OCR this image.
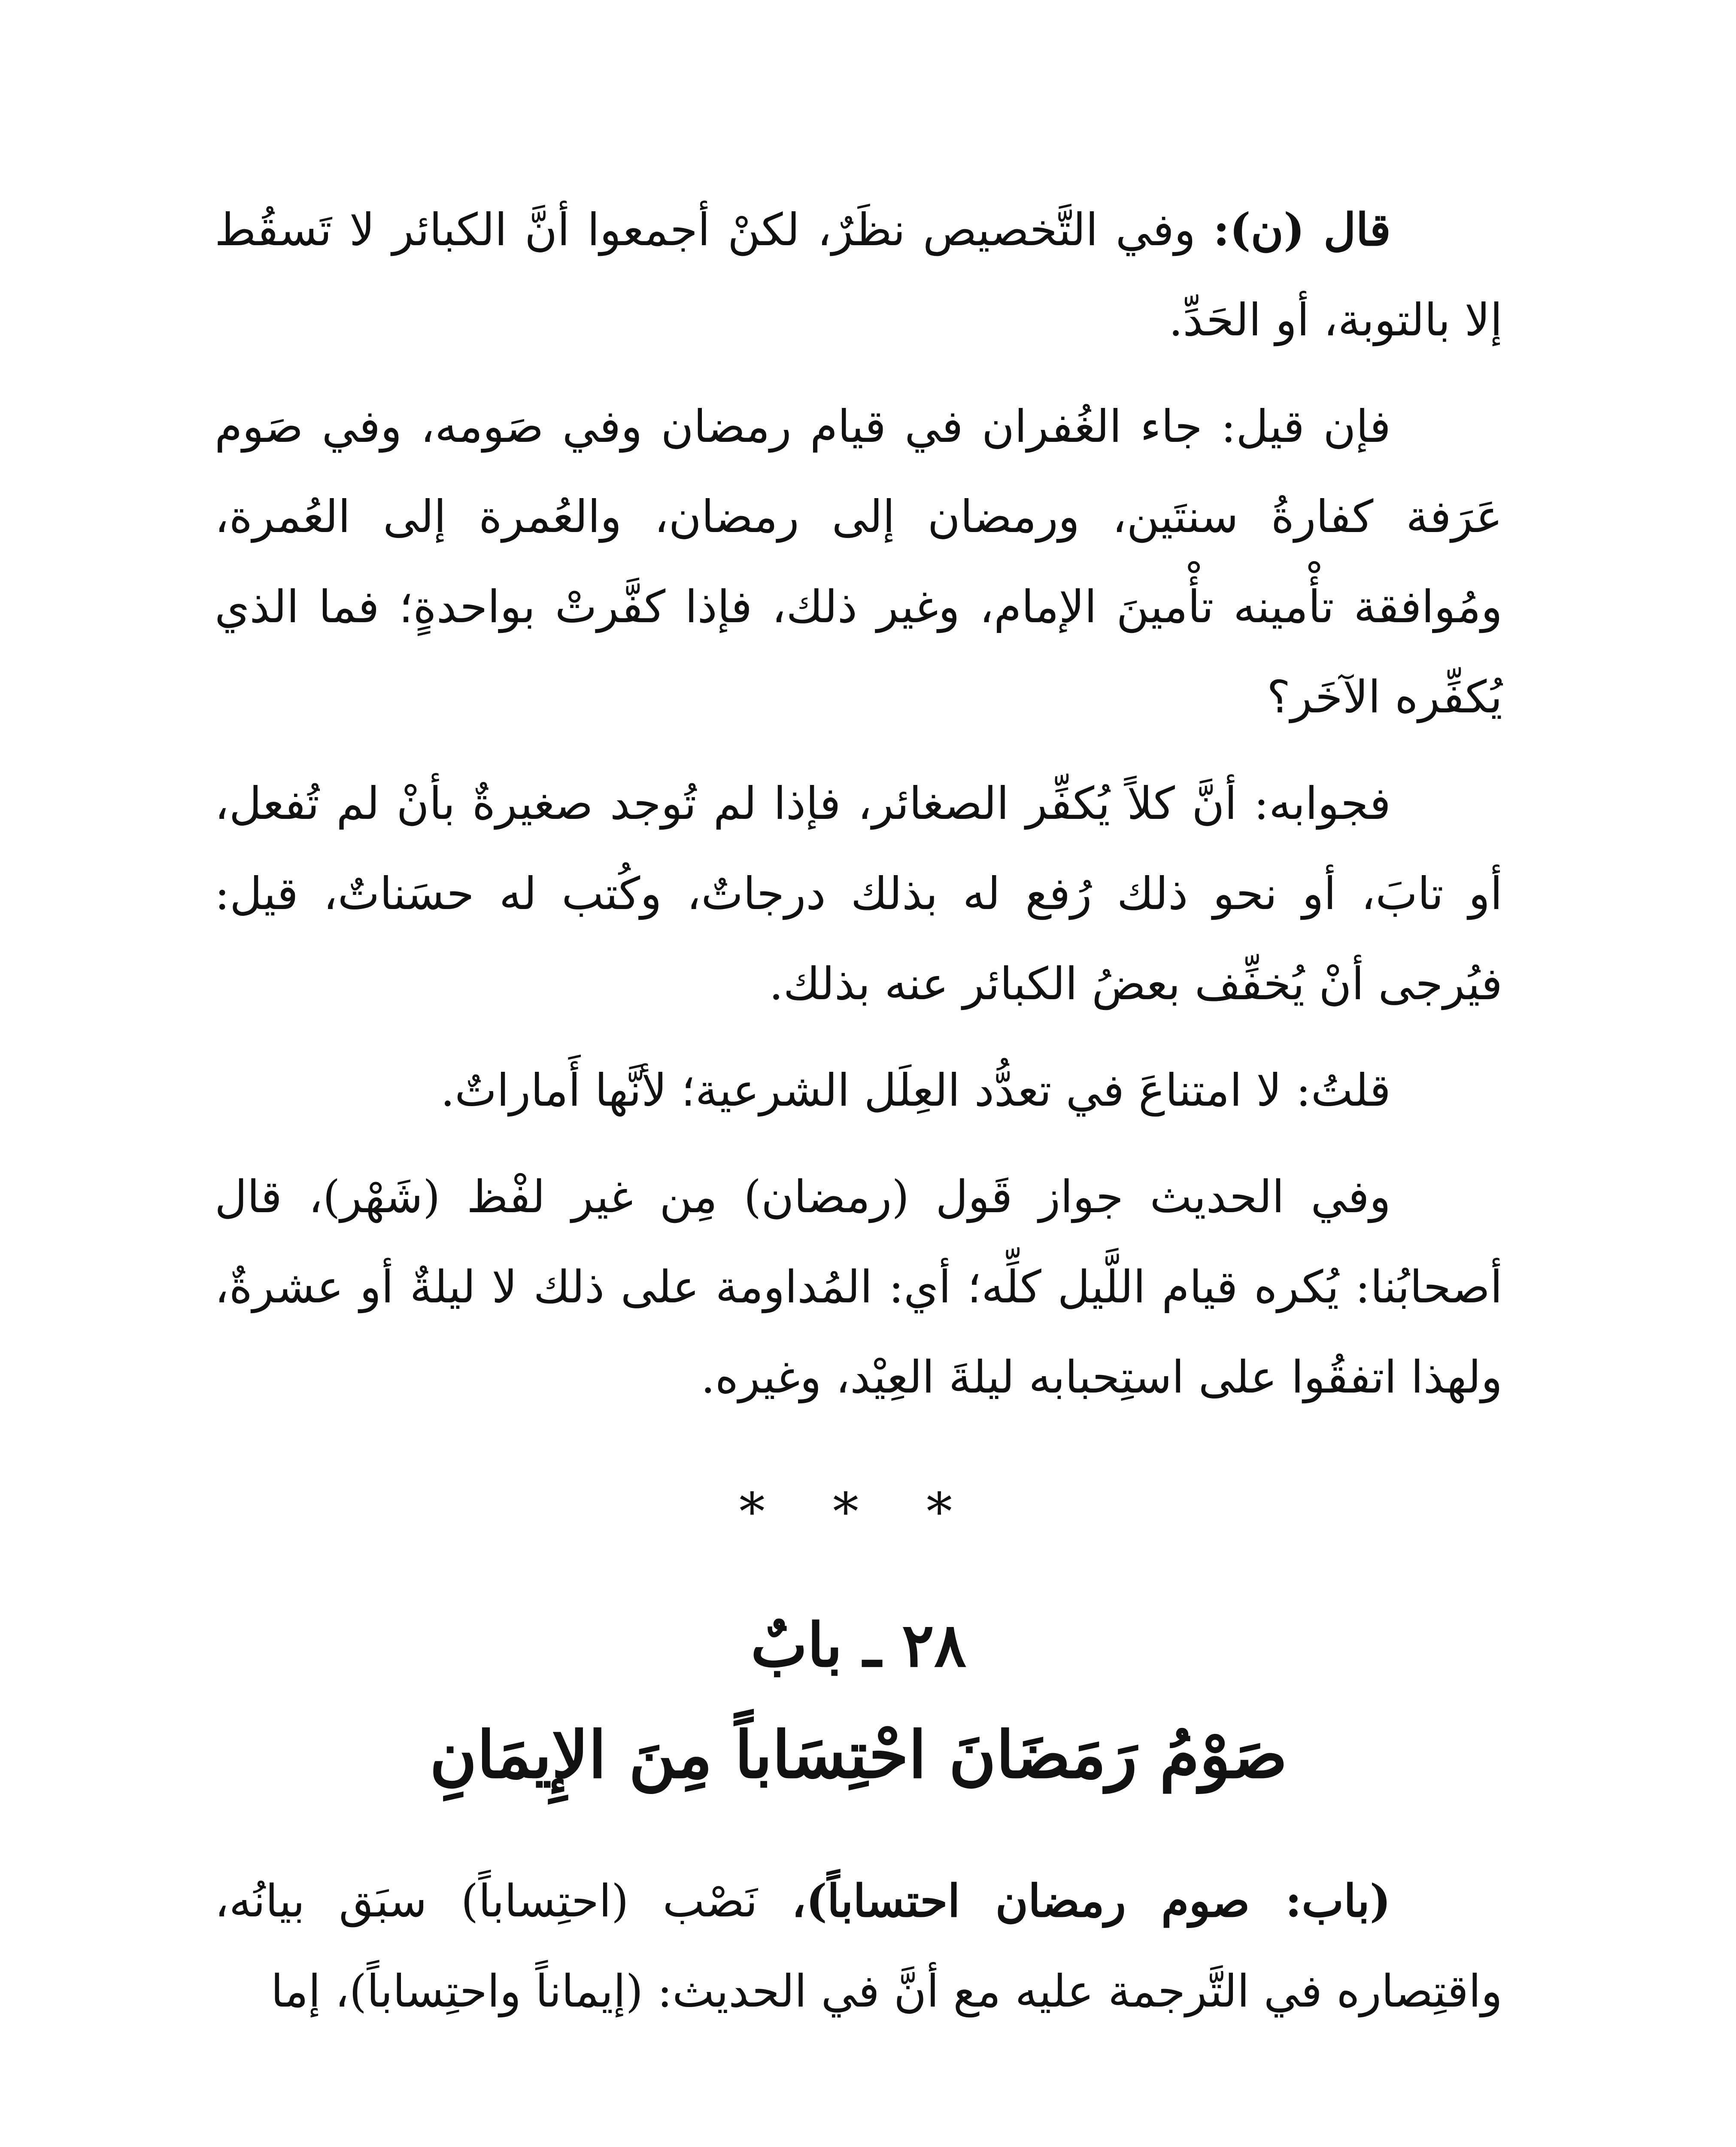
قال (ن): وفي التَّخصيص نظَرٌ، لكنْ أجمعوا أنَّ الكبائر لا تَسقُط إلا بالتوبة، أو الحَدِّ.

فإن قيل: جاء الغُفران في قيام رمضان وفي صَومه، وفي صَوم عَرَفة كفارةُ سنتَين، ورمضان إلى رمضان، والعُمرة إلى العُمرة، ومُوافقة تأْمينه تأْمينَ الإمام، وغير ذلك، فإذا كفَّرتْ بواحدةٍ؛ فما الذي يُكفِّره الآخَر؟

فجوابه: أنَّ كلاً يُكفِّر الصغائر، فإذا لم تُوجد صغيرةٌ بأنْ لم تُفعل، أو تابَ، أو نحو ذلك رُفع له بذلك درجاتٌ، وكُتب له حسَناتٌ، قيل: فيُرجى أنْ يُخفِّف بعضُ الكبائر عنه بذلك.

قلتُ: لا امتناعَ في تعدُّد العِلَل الشرعية؛ لأنَّها أَماراتٌ.

وفي الحديث جواز قَول (رمضان) مِن غير لفْظ (شَهْر)، قال أصحابُنا: يُكره قيام اللَّيل كلِّه؛ أي: المُداومة على ذلك لا ليلةٌ أو عشرةٌ، ولهذا اتفقُوا على استِحبابه ليلةَ العِيْد، وغيره.

* * *
٢٨ ـ بابٌ
صَوْمُ رَمَضَانَ احْتِسَاباً مِنَ الإِيمَانِ

(باب: صوم رمضان احتساباً)، نَصْب (احتِساباً) سبَق بيانُه، واقتِصاره في التَّرجمة عليه مع أنَّ في الحديث: (إيماناً واحتِساباً)، إما
